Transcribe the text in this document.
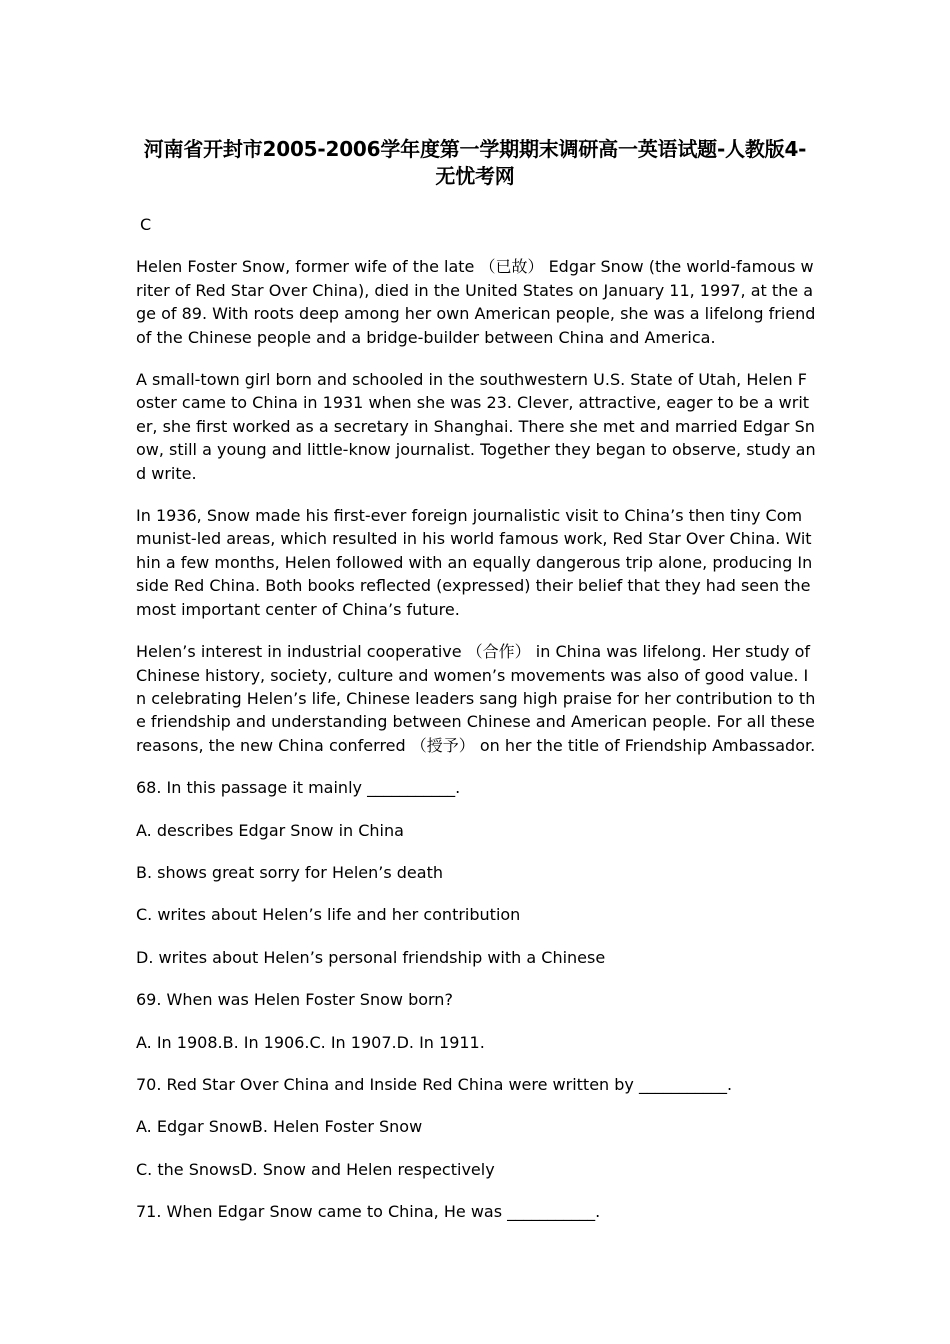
河南省开封市2005-2006学年度第一学期期末调研高一英语试题-人教版4-无忧考网

C

Helen Foster Snow, former wife of the late （已故） Edgar Snow (the world-famous writer of Red Star Over China), died in the United States on January 11, 1997, at the age of 89. With roots deep among her own American people, she was a lifelong friend of the Chinese people and a bridge-builder between China and America.

A small-town girl born and schooled in the southwestern U.S. State of Utah, Helen Foster came to China in 1931 when she was 23. Clever, attractive, eager to be a writer, she first worked as a secretary in Shanghai. There she met and married Edgar Snow, still a young and little-know journalist. Together they began to observe, study and write.

In 1936, Snow made his first-ever foreign journalistic visit to China’s then tiny Communist-led areas, which resulted in his world famous work, Red Star Over China. Within a few months, Helen followed with an equally dangerous trip alone, producing Inside Red China. Both books reflected (expressed) their belief that they had seen the most important center of China’s future.

Helen’s interest in industrial cooperative （合作） in China was lifelong. Her study of Chinese history, society, culture and women’s movements was also of good value. In celebrating Helen’s life, Chinese leaders sang high praise for her contribution to the friendship and understanding between Chinese and American people. For all these reasons, the new China conferred （授予） on her the title of Friendship Ambassador.

68. In this passage it mainly ___________.

A. describes Edgar Snow in China

B. shows great sorry for Helen’s death

C. writes about Helen’s life and her contribution

D. writes about Helen’s personal friendship with a Chinese

69. When was Helen Foster Snow born?

A. In 1908.B. In 1906.C. In 1907.D. In 1911.

70. Red Star Over China and Inside Red China were written by ___________.

A. Edgar SnowB. Helen Foster Snow

C. the SnowsD. Snow and Helen respectively

71. When Edgar Snow came to China, He was ___________.
